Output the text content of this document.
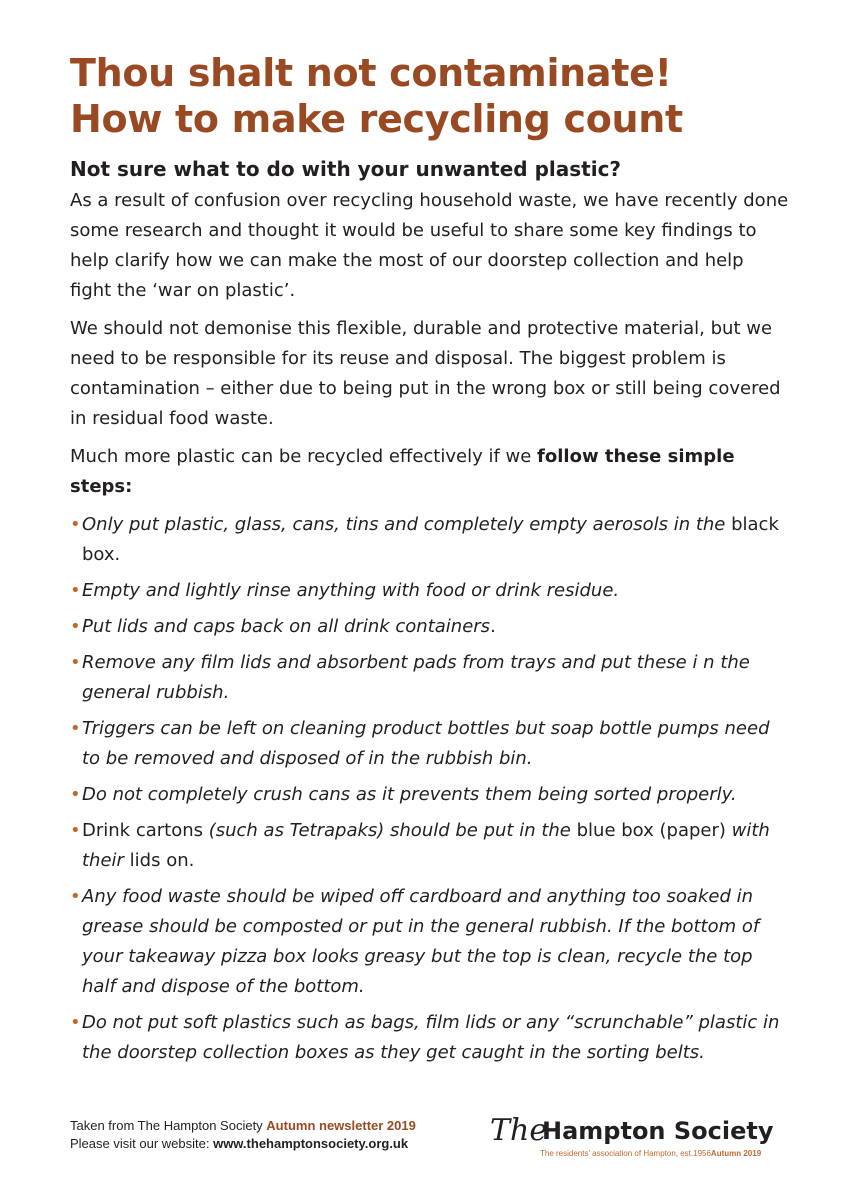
Thou shalt not contaminate!
How to make recycling count
Not sure what to do with your unwanted plastic?

As a result of confusion over recycling household waste, we have recently done some research and thought it would be useful to share some key findings to help clarify how we can make the most of our doorstep collection and help fight the ‘war on plastic’.

We should not demonise this flexible, durable and protective material, but we need to be responsible for its reuse and disposal. The biggest problem is contamination – either due to being put in the wrong box or still being covered in residual food waste.

Much more plastic can be recycled effectively if we follow these simple steps:

• Only put plastic, glass, cans, tins and completely empty aerosols in the black box.
• Empty and lightly rinse anything with food or drink residue.
• Put lids and caps back on all drink containers.
• Remove any film lids and absorbent pads from trays and put these i n the general rubbish.
• Triggers can be left on cleaning product bottles but soap bottle pumps need to be removed and disposed of in the rubbish bin.
• Do not completely crush cans as it prevents them being sorted properly.
• Drink cartons (such as Tetrapaks) should be put in the blue box (paper) with their lids on.
• Any food waste should be wiped off cardboard and anything too soaked in grease should be composted or put in the general rubbish. If the bottom of your takeaway pizza box looks greasy but the top is clean, recycle the top half and dispose of the bottom.
• Do not put soft plastics such as bags, film lids or any “scrunchable” plastic in the doorstep collection boxes as they get caught in the sorting belts.
Taken from The Hampton Society Autumn newsletter 2019
Please visit our website: www.thehamptonsociety.org.uk	The
Hampton Society
The residents’ association of Hampton, est.1956Autumn 2019
